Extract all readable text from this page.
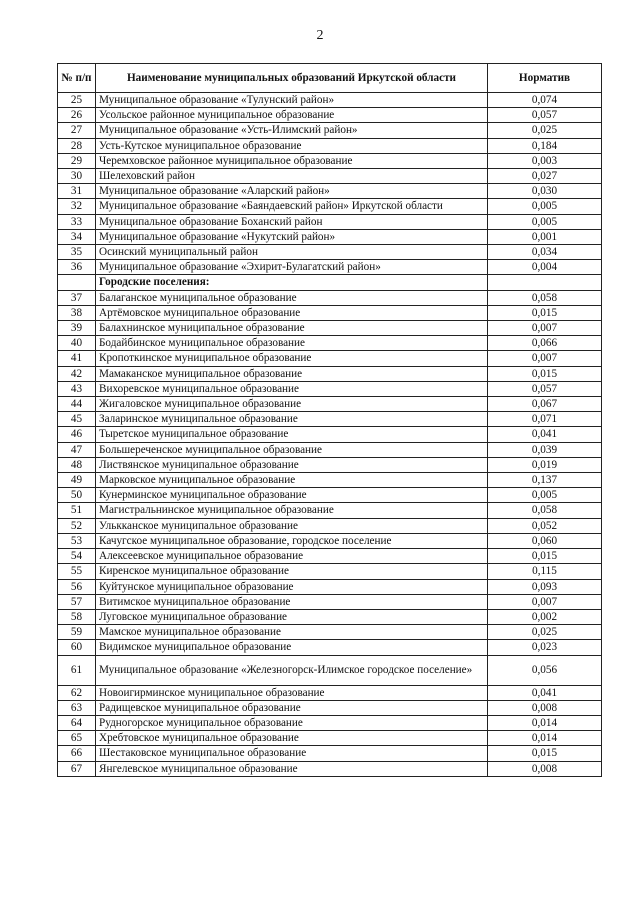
2
№ п/п	Наименование муниципальных образований Иркутской области	Норматив
25	Муниципальное образование «Тулунский район»	0,074
26	Усольское районное муниципальное образование	0,057
27	Муниципальное образование «Усть-Илимский район»	0,025
28	Усть-Кутское муниципальное образование	0,184
29	Черемховское районное муниципальное образование	0,003
30	Шелеховский район	0,027
31	Муниципальное образование «Аларский район»	0,030
32	Муниципальное образование «Баяндаевский район» Иркутской области	0,005
33	Муниципальное образование Боханский район	0,005
34	Муниципальное образование «Нукутский район»	0,001
35	Осинский муниципальный район	0,034
36	Муниципальное образование «Эхирит-Булагатский район»	0,004
	Городские поселения:	
37	Балаганское муниципальное образование	0,058
38	Артёмовское муниципальное образование	0,015
39	Балахнинское муниципальное образование	0,007
40	Бодайбинское муниципальное образование	0,066
41	Кропоткинское муниципальное образование	0,007
42	Мамаканское муниципальное образование	0,015
43	Вихоревское муниципальное образование	0,057
44	Жигаловское муниципальное образование	0,067
45	Заларинское муниципальное образование	0,071
46	Тыретское муниципальное образование	0,041
47	Большереченское муниципальное образование	0,039
48	Листвянское муниципальное образование	0,019
49	Марковское муниципальное образование	0,137
50	Кунерминское муниципальное образование	0,005
51	Магистральнинское муниципальное образование	0,058
52	Улькканское муниципальное образование	0,052
53	Качугское муниципальное образование, городское поселение	0,060
54	Алексеевское муниципальное образование	0,015
55	Киренское муниципальное образование	0,115
56	Куйтунское муниципальное образование	0,093
57	Витимское муниципальное образование	0,007
58	Луговское муниципальное образование	0,002
59	Мамское муниципальное образование	0,025
60	Видимское муниципальное образование	0,023
61	Муниципальное образование «Железногорск-Илимское городское поселение»	0,056
62	Новоигирминское муниципальное образование	0,041
63	Радищевское муниципальное образование	0,008
64	Рудногорское муниципальное образование	0,014
65	Хребтовское муниципальное образование	0,014
66	Шестаковское муниципальное образование	0,015
67	Янгелевское муниципальное образование	0,008
